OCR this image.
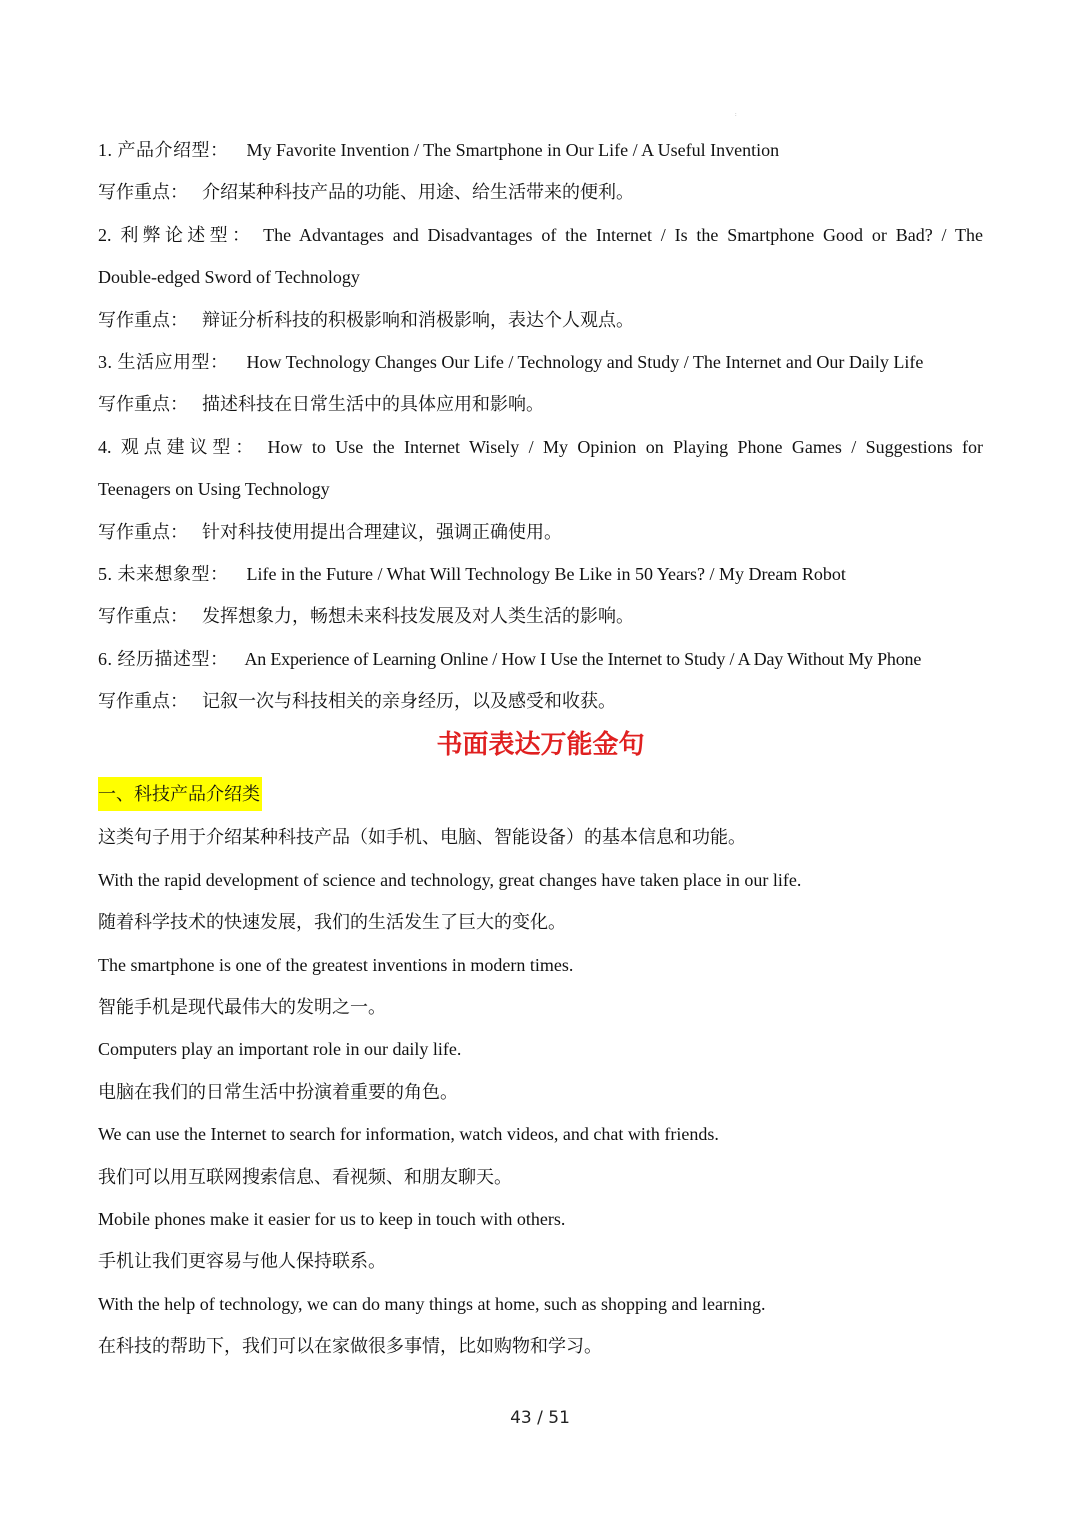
:
1. 产品介绍型： My Favorite Invention / The Smartphone in Our Life / A Useful Invention
写作重点： 介绍某种科技产品的功能、用途、给生活带来的便利。
2. 利弊论述型： The Advantages and Disadvantages of the Internet / Is the Smartphone Good or Bad? / The
Double-edged Sword of Technology
写作重点： 辩证分析科技的积极影响和消极影响，表达个人观点。
3. 生活应用型： How Technology Changes Our Life / Technology and Study / The Internet and Our Daily Life
写作重点： 描述科技在日常生活中的具体应用和影响。
4. 观点建议型： How to Use the Internet Wisely / My Opinion on Playing Phone Games / Suggestions for
Teenagers on Using Technology
写作重点： 针对科技使用提出合理建议，强调正确使用。
5. 未来想象型： Life in the Future / What Will Technology Be Like in 50 Years? / My Dream Robot
写作重点： 发挥想象力，畅想未来科技发展及对人类生活的影响。
6. 经历描述型： An Experience of Learning Online / How I Use the Internet to Study / A Day Without My Phone
写作重点： 记叙一次与科技相关的亲身经历，以及感受和收获。
书面表达万能金句
一、科技产品介绍类
这类句子用于介绍某种科技产品（如手机、电脑、智能设备）的基本信息和功能。
With the rapid development of science and technology, great changes have taken place in our life.
随着科学技术的快速发展，我们的生活发生了巨大的变化。
The smartphone is one of the greatest inventions in modern times.
智能手机是现代最伟大的发明之一。
Computers play an important role in our daily life.
电脑在我们的日常生活中扮演着重要的角色。
We can use the Internet to search for information, watch videos, and chat with friends.
我们可以用互联网搜索信息、看视频、和朋友聊天。
Mobile phones make it easier for us to keep in touch with others.
手机让我们更容易与他人保持联系。
With the help of technology, we can do many things at home, such as shopping and learning.
在科技的帮助下，我们可以在家做很多事情，比如购物和学习。
43 / 51
